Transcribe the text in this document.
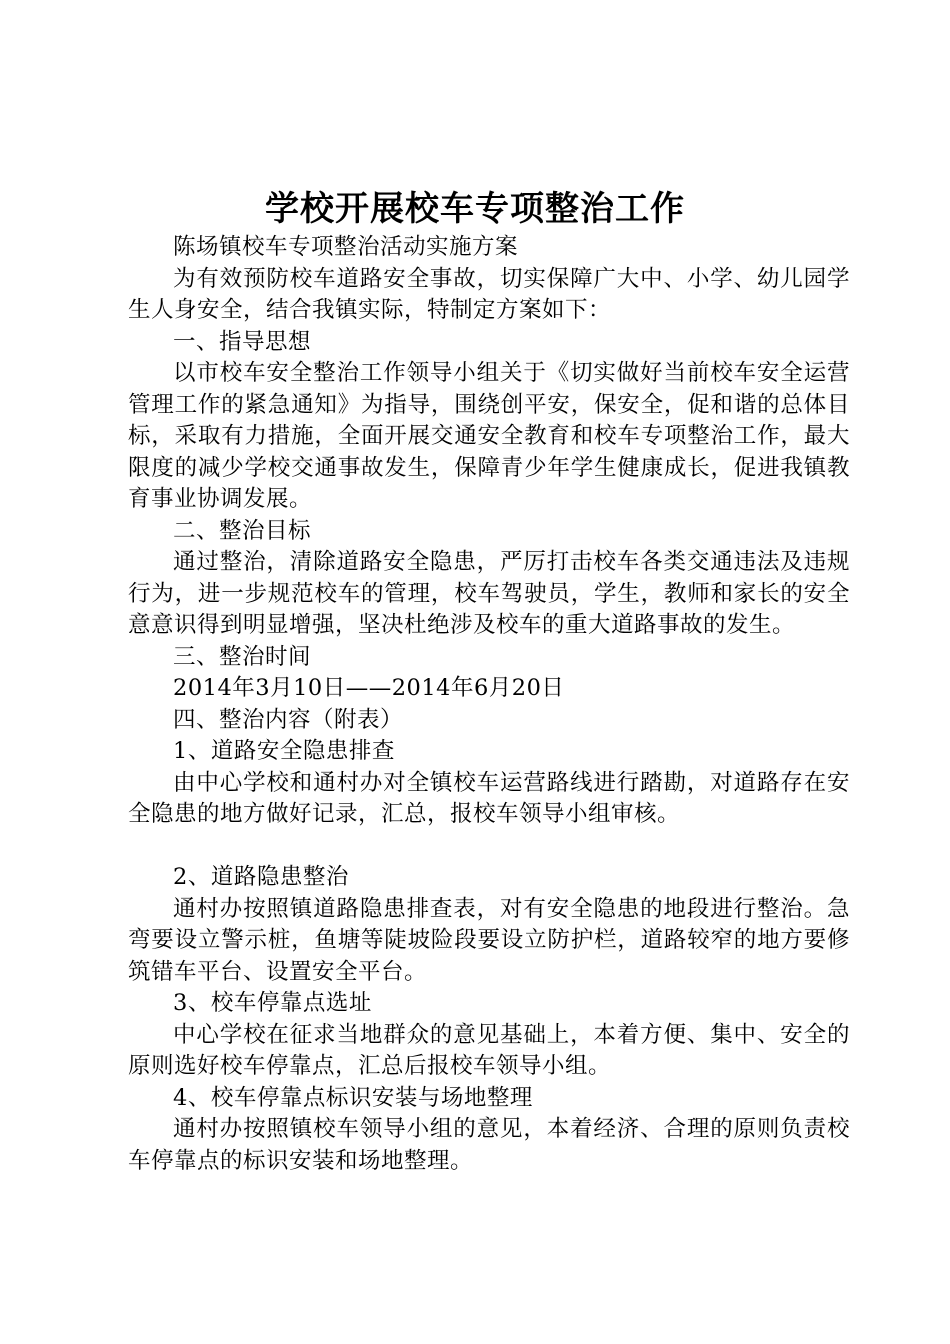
学校开展校车专项整治工作

陈场镇校车专项整治活动实施方案

为有效预防校车道路安全事故，切实保障广大中、小学、幼儿园学生人身安全，结合我镇实际，特制定方案如下：

一、指导思想

以市校车安全整治工作领导小组关于《切实做好当前校车安全运营管理工作的紧急通知》为指导，围绕创平安，保安全，促和谐的总体目标，采取有力措施，全面开展交通安全教育和校车专项整治工作，最大限度的减少学校交通事故发生，保障青少年学生健康成长，促进我镇教育事业协调发展。

二、整治目标

通过整治，清除道路安全隐患，严厉打击校车各类交通违法及违规行为，进一步规范校车的管理，校车驾驶员，学生，教师和家长的安全意意识得到明显增强，坚决杜绝涉及校车的重大道路事故的发生。

三、整治时间

2014年3月10日——2014年6月20日

四、整治内容（附表）

1、道路安全隐患排查

由中心学校和通村办对全镇校车运营路线进行踏勘，对道路存在安全隐患的地方做好记录，汇总，报校车领导小组审核。

2、道路隐患整治

通村办按照镇道路隐患排查表，对有安全隐患的地段进行整治。急弯要设立警示桩，鱼塘等陡坡险段要设立防护栏，道路较窄的地方要修筑错车平台、设置安全平台。

3、校车停靠点选址

中心学校在征求当地群众的意见基础上，本着方便、集中、安全的原则选好校车停靠点，汇总后报校车领导小组。

4、校车停靠点标识安装与场地整理

通村办按照镇校车领导小组的意见，本着经济、合理的原则负责校车停靠点的标识安装和场地整理。
